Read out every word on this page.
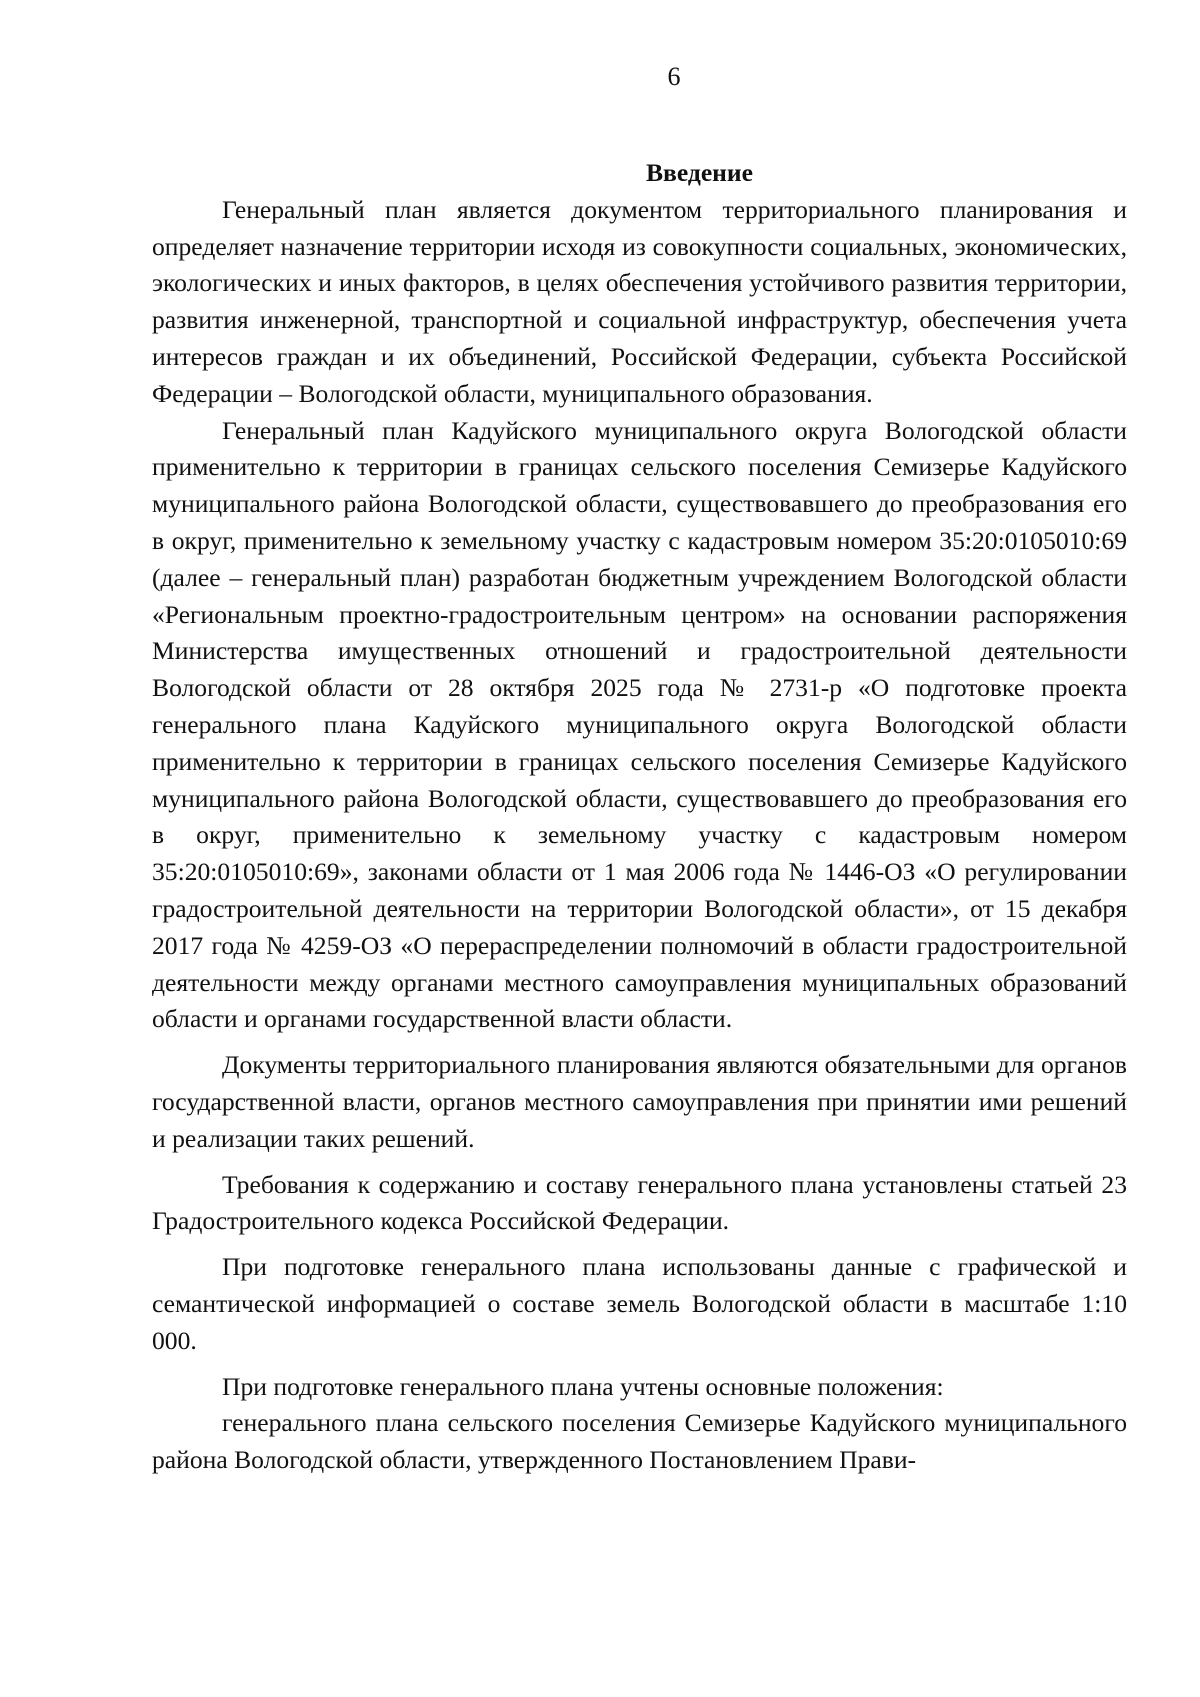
6

Введение

Генеральный план является документом территориального планирования и определяет назначение территории исходя из совокупности социальных, экономических, экологических и иных факторов, в целях обеспечения устойчивого развития территории, развития инженерной, транспортной и социальной инфраструктур, обеспечения учета интересов граждан и их объединений, Российской Федерации, субъекта Российской Федерации – Вологодской области, муниципального образования.

Генеральный план Кадуйского муниципального округа Вологодской области применительно к территории в границах сельского поселения Семизерье Кадуйского муниципального района Вологодской области, существовавшего до преобразования его в округ, применительно к земельному участку с кадастровым номером 35:20:0105010:69 (далее – генеральный план) разработан бюджетным учреждением Вологодской области «Региональным проектно-градостроительным центром» на основании распоряжения Министерства имущественных отношений и градостроительной деятельности Вологодской области от 28 октября 2025 года № 2731-р «О подготовке проекта генерального плана Кадуйского муниципального округа Вологодской области применительно к территории в границах сельского поселения Семизерье Кадуйского муниципального района Вологодской области, существовавшего до преобразования его в округ, применительно к земельному участку с кадастровым номером 35:20:0105010:69», законами области от 1 мая 2006 года № 1446-ОЗ «О регулировании градостроительной деятельности на территории Вологодской области», от 15 декабря 2017 года № 4259-ОЗ «О перераспределении полномочий в области градостроительной деятельности между органами местного самоуправления муниципальных образований области и органами государственной власти области.

Документы территориального планирования являются обязательными для органов государственной власти, органов местного самоуправления при принятии ими решений и реализации таких решений.

Требования к содержанию и составу генерального плана установлены статьей 23 Градостроительного кодекса Российской Федерации.

При подготовке генерального плана использованы данные с графической и семантической информацией о составе земель Вологодской области в масштабе 1:10 000.

При подготовке генерального плана учтены основные положения:

генерального плана сельского поселения Семизерье Кадуйского муниципального района Вологодской области, утвержденного Постановлением Прави-
